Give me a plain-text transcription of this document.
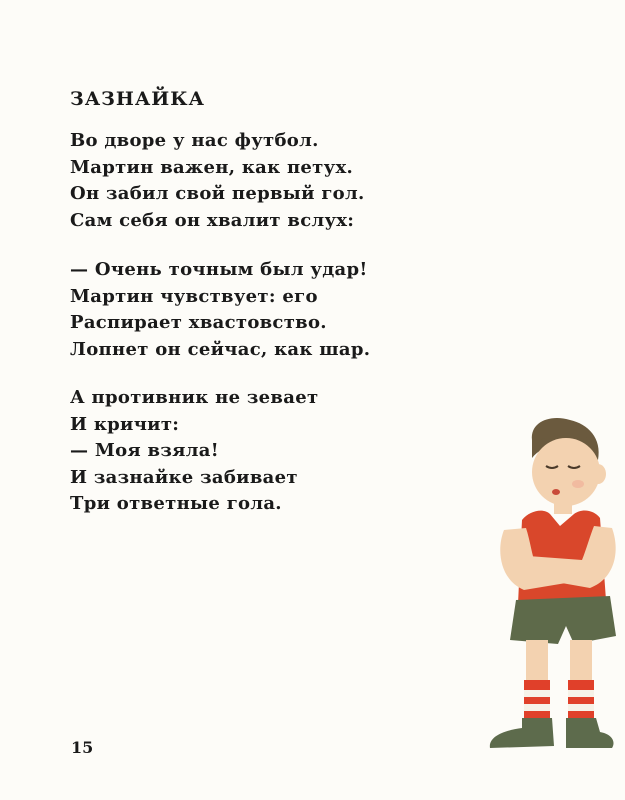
ЗАЗНАЙКА
Во дворе у нас футбол.
Мартин важен, как петух.
Он забил свой первый гол.
Сам себя он хвалит вслух:
— Очень точным был удар!
Мартин чувствует: его
Распирает хвастовство.
Лопнет он сейчас, как шар.
А противник не зевает
И кричит:
— Моя взяла!
И зазнайке забивает
Три ответные гола.
15
